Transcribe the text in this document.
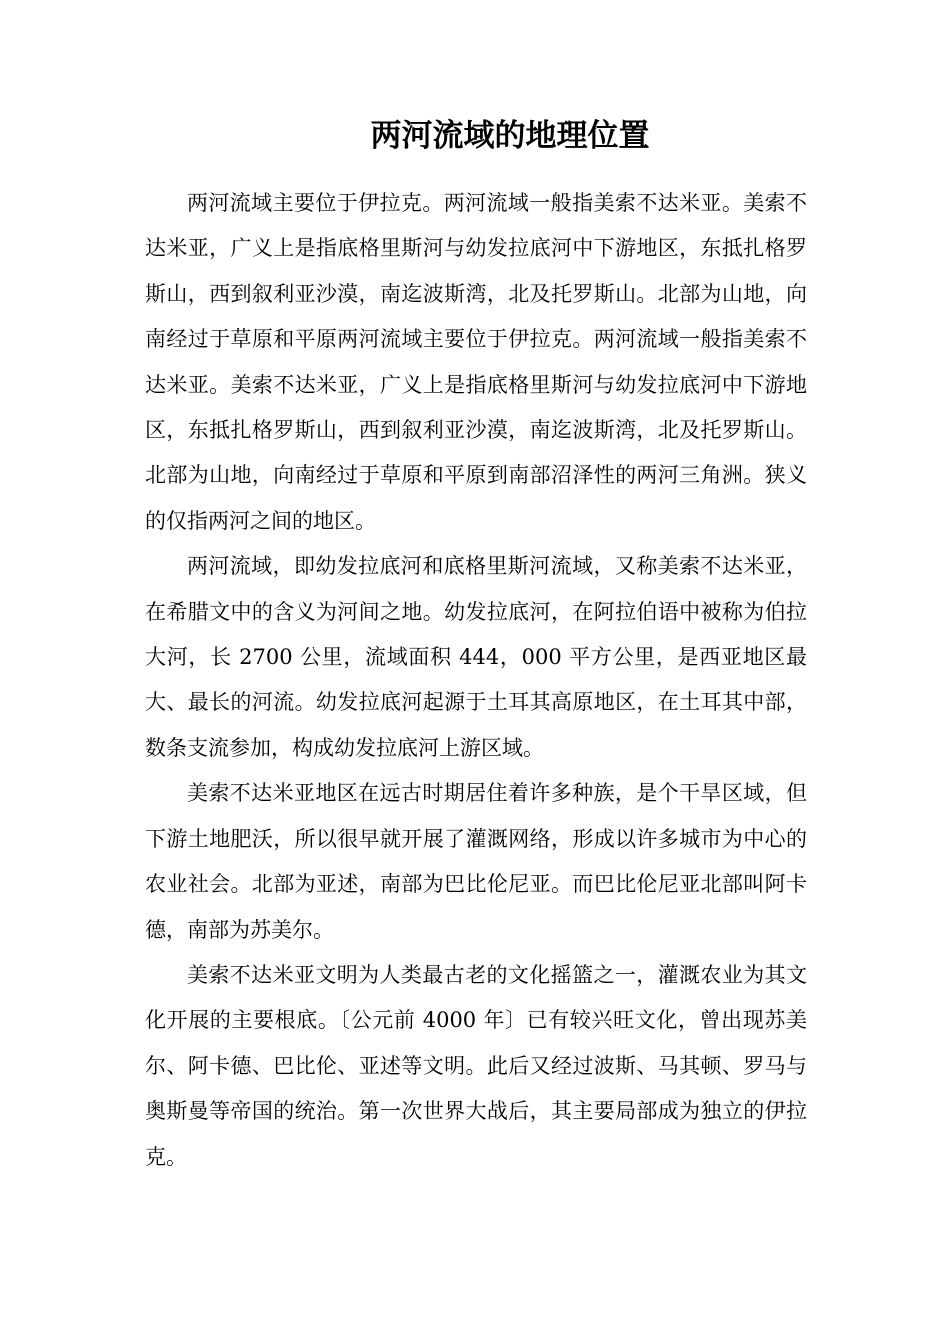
两河流域的地理位置

两河流域主要位于伊拉克。两河流域一般指美索不达米亚。美索不达米亚，广义上是指底格里斯河与幼发拉底河中下游地区，东抵扎格罗斯山，西到叙利亚沙漠，南迄波斯湾，北及托罗斯山。北部为山地，向南经过于草原和平原两河流域主要位于伊拉克。两河流域一般指美索不达米亚。美索不达米亚，广义上是指底格里斯河与幼发拉底河中下游地区，东抵扎格罗斯山，西到叙利亚沙漠，南迄波斯湾，北及托罗斯山。北部为山地，向南经过于草原和平原到南部沼泽性的两河三角洲。狭义的仅指两河之间的地区。

两河流域，即幼发拉底河和底格里斯河流域，又称美索不达米亚，在希腊文中的含义为河间之地。幼发拉底河，在阿拉伯语中被称为伯拉大河，长 2700 公里，流域面积 444，000 平方公里，是西亚地区最大、最长的河流。幼发拉底河起源于土耳其高原地区，在土耳其中部，数条支流参加，构成幼发拉底河上游区域。

美索不达米亚地区在远古时期居住着许多种族，是个干旱区域，但下游土地肥沃，所以很早就开展了灌溉网络，形成以许多城市为中心的农业社会。北部为亚述，南部为巴比伦尼亚。而巴比伦尼亚北部叫阿卡德，南部为苏美尔。

美索不达米亚文明为人类最古老的文化摇篮之一，灌溉农业为其文化开展的主要根底。〔公元前 4000 年〕已有较兴旺文化，曾出现苏美尔、阿卡德、巴比伦、亚述等文明。此后又经过波斯、马其顿、罗马与奥斯曼等帝国的统治。第一次世界大战后，其主要局部成为独立的伊拉克。
